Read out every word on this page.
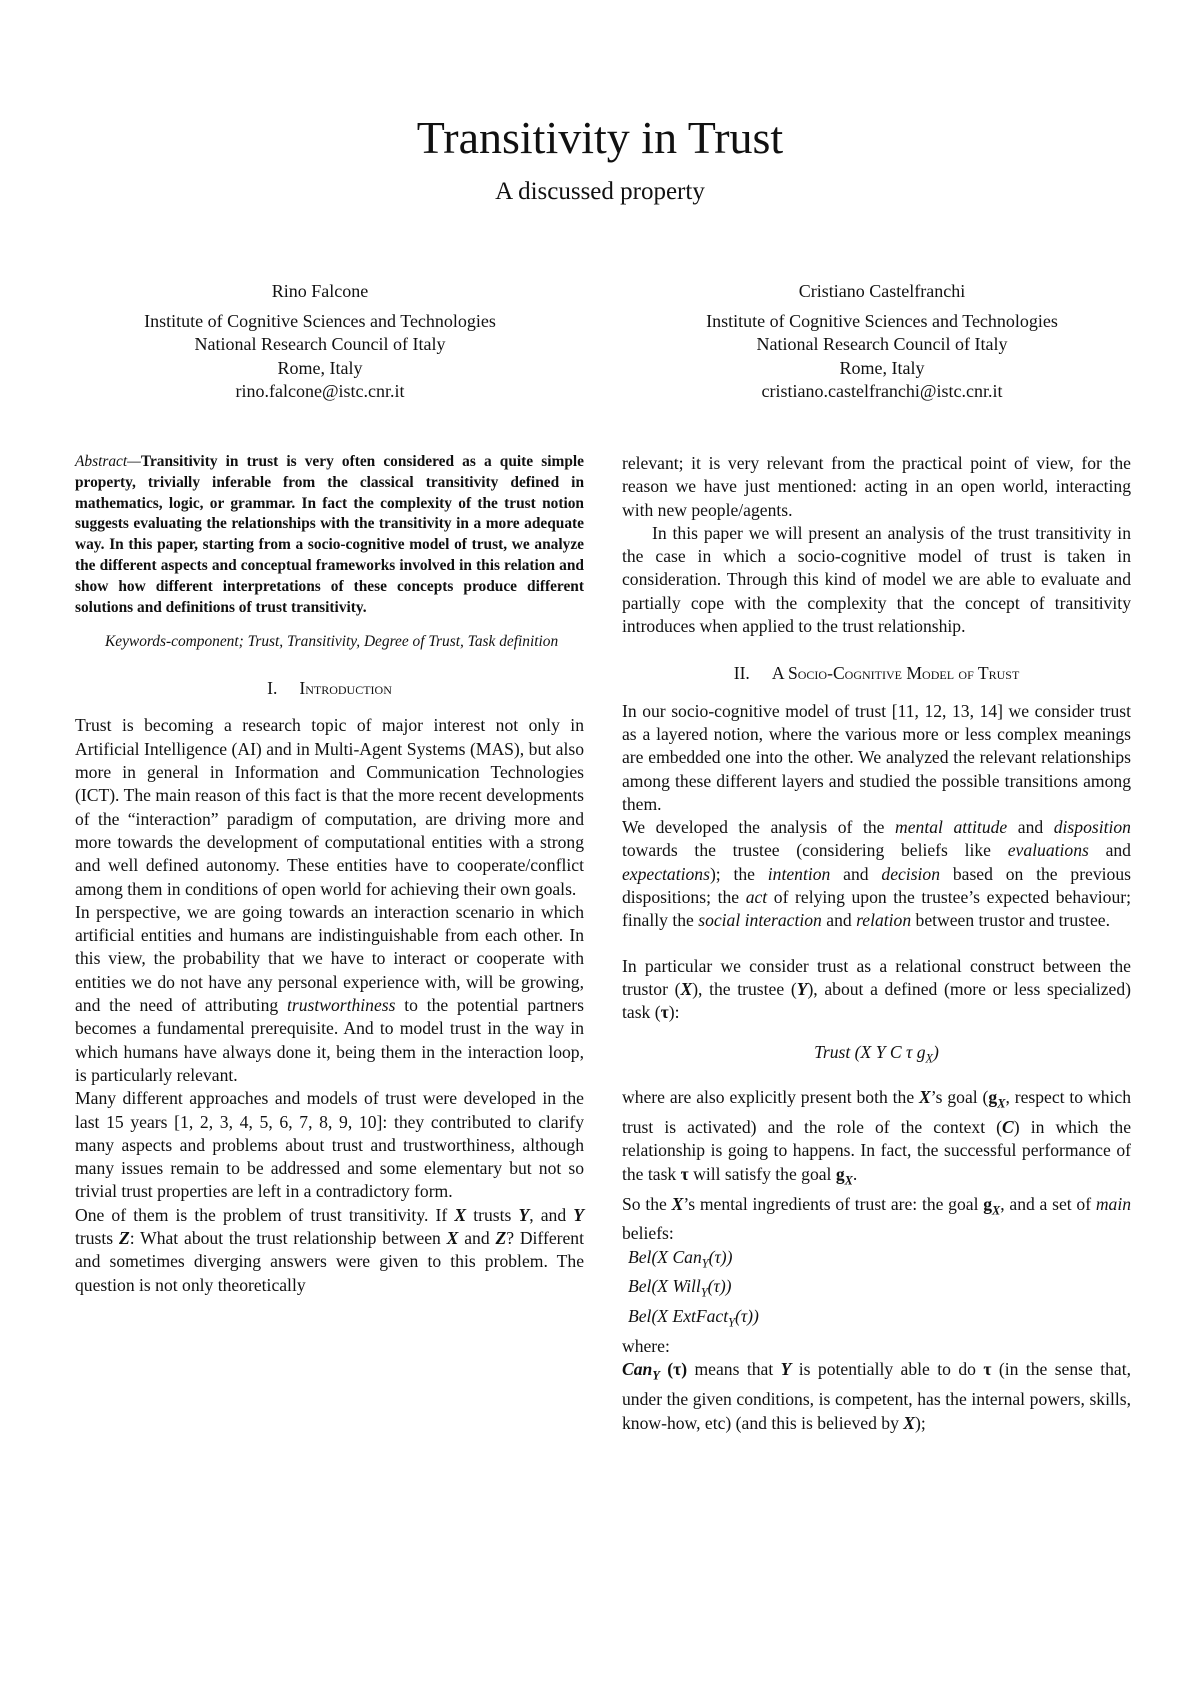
Transitivity in Trust
A discussed property
Rino Falcone
Institute of Cognitive Sciences and Technologies
National Research Council of Italy
Rome, Italy
rino.falcone@istc.cnr.it
Cristiano Castelfranchi
Institute of Cognitive Sciences and Technologies
National Research Council of Italy
Rome, Italy
cristiano.castelfranchi@istc.cnr.it

Abstract—Transitivity in trust is very often considered as a quite simple property, trivially inferable from the classical transitivity defined in mathematics, logic, or grammar. In fact the complexity of the trust notion suggests evaluating the relationships with the transitivity in a more adequate way. In this paper, starting from a socio-cognitive model of trust, we analyze the different aspects and conceptual frameworks involved in this relation and show how different interpretations of these concepts produce different solutions and definitions of trust transitivity.

Keywords-component; Trust, Transitivity, Degree of Trust, Task definition

I. Introduction

Trust is becoming a research topic of major interest not only in Artificial Intelligence (AI) and in Multi-Agent Systems (MAS), but also more in general in Information and Communication Technologies (ICT). The main reason of this fact is that the more recent developments of the “interaction” paradigm of computation, are driving more and more towards the development of computational entities with a strong and well defined autonomy. These entities have to cooperate/conflict among them in conditions of open world for achieving their own goals.

In perspective, we are going towards an interaction scenario in which artificial entities and humans are indistinguishable from each other. In this view, the probability that we have to interact or cooperate with entities we do not have any personal experience with, will be growing, and the need of attributing trustworthiness to the potential partners becomes a fundamental prerequisite. And to model trust in the way in which humans have always done it, being them in the interaction loop, is particularly relevant.

Many different approaches and models of trust were developed in the last 15 years [1, 2, 3, 4, 5, 6, 7, 8, 9, 10]: they contributed to clarify many aspects and problems about trust and trustworthiness, although many issues remain to be addressed and some elementary but not so trivial trust properties are left in a contradictory form.

One of them is the problem of trust transitivity. If X trusts Y, and Y trusts Z: What about the trust relationship between X and Z? Different and sometimes diverging answers were given to this problem. The question is not only theoretically

relevant; it is very relevant from the practical point of view, for the reason we have just mentioned: acting in an open world, interacting with new people/agents.

In this paper we will present an analysis of the trust transitivity in the case in which a socio-cognitive model of trust is taken in consideration. Through this kind of model we are able to evaluate and partially cope with the complexity that the concept of transitivity introduces when applied to the trust relationship.

II. A Socio-Cognitive Model of Trust

In our socio-cognitive model of trust [11, 12, 13, 14] we consider trust as a layered notion, where the various more or less complex meanings are embedded one into the other. We analyzed the relevant relationships among these different layers and studied the possible transitions among them.

We developed the analysis of the mental attitude and disposition towards the trustee (considering beliefs like evaluations and expectations); the intention and decision based on the previous dispositions; the act of relying upon the trustee’s expected behaviour; finally the social interaction and relation between trustor and trustee.

In particular we consider trust as a relational construct between the trustor (X), the trustee (Y), about a defined (more or less specialized) task (τ):

Trust (X Y C τ $g_X$)

where are also explicitly present both the X’s goal ($g_X$, respect to which trust is activated) and the role of the context (C) in which the relationship is going to happens. In fact, the successful performance of the task τ will satisfy the goal $g_X$.

So the X’s mental ingredients of trust are: the goal $g_X$, and a set of main beliefs:

Bel(X Can$_Y$(τ))

Bel(X Will$_Y$(τ))

Bel(X ExtFact$_Y$(τ))

where:

Can$_Y$ (τ) means that Y is potentially able to do τ (in the sense that, under the given conditions, is competent, has the internal powers, skills, know-how, etc) (and this is believed by X);
